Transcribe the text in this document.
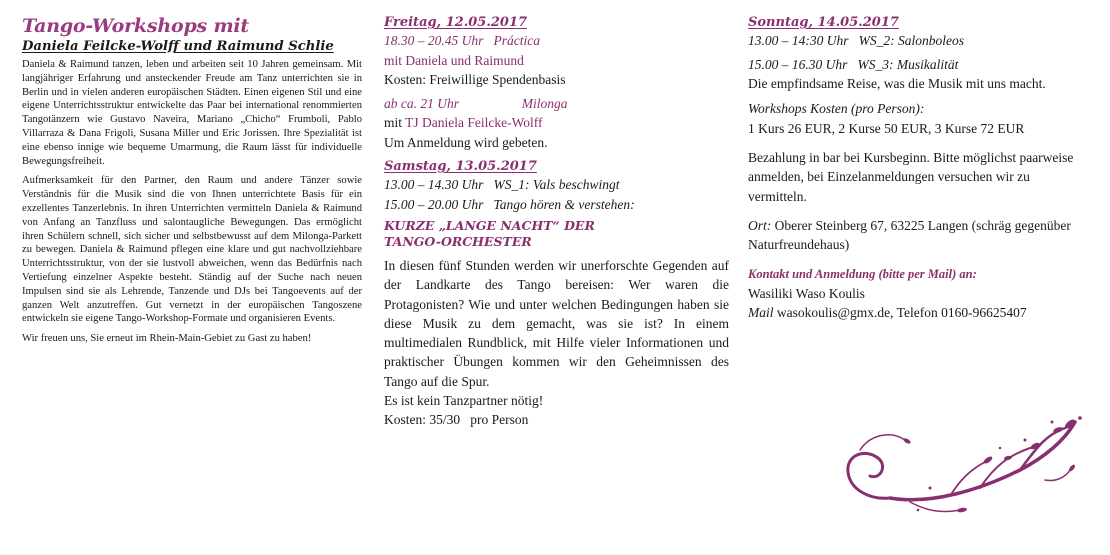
Tango-Workshops mit

Daniela Feilcke-Wolff und Raimund Schlie

Daniela & Raimund tanzen, leben und arbeiten seit 10 Jahren gemeinsam. Mit langjähriger Erfahrung und ansteckender Freude am Tanz unterrichten sie in Berlin und in vielen anderen europäischen Städten. Einen eigenen Stil und eine eigene Unterrichtsstruktur entwickelte das Paar bei international renommierten Tangotänzern wie Gustavo Naveira, Mariano „Chicho“ Frumboli, Pablo Villarraza & Dana Frigoli, Susana Miller und Eric Jorissen. Ihre Spezialität ist eine ebenso innige wie bequeme Umarmung, die Raum lässt für individuelle Bewegungsfreiheit.

Aufmerksamkeit für den Partner, den Raum und andere Tänzer sowie Verständnis für die Musik sind die von Ihnen unterrichtete Basis für ein exzellentes Tanzerlebnis. In ihren Unterrichten vermitteln Daniela & Raimund von Anfang an Tanzfluss und salontaugliche Bewegungen. Das ermöglicht ihren Schülern schnell, sich sicher und selbstbewusst auf dem Milonga-Parkett zu bewegen. Daniela & Raimund pflegen eine klare und gut nachvollziehbare Unterrichtsstruktur, von der sie lustvoll abweichen, wenn das Bedürfnis nach Vertiefung einzelner Aspekte besteht. Ständig auf der Suche nach neuen Impulsen sind sie als Lehrende, Tanzende und DJs bei Tangoevents auf der ganzen Welt anzutreffen. Gut vernetzt in der europäischen Tangoszene entwickeln sie eigene Tango-Workshop-Formate und organisieren Events.

Wir freuen uns, Sie erneut im Rhein-Main-Gebiet zu Gast zu haben!

Freitag, 12.05.2017

18.30 – 20.45 Uhr Práctica

mit Daniela und Raimund

Kosten: Freiwillige Spendenbasis

ab ca. 21 Uhr	Milonga

mit TJ Daniela Feilcke-Wolff

Um Anmeldung wird gebeten.

Samstag, 13.05.2017

13.00 – 14.30 Uhr WS_1: Vals beschwingt

15.00 – 20.00 Uhr Tango hören & verstehen:

KURZE „LANGE NACHT“ DER TANGO-ORCHESTER

In diesen fünf Stunden werden wir unerforschte Gegenden auf der Landkarte des Tango bereisen: Wer waren die Protagonisten? Wie und unter welchen Bedingungen haben sie diese Musik zu dem gemacht, was sie ist? In einem multimedialen Rundblick, mit Hilfe vieler Informationen und praktischer Übungen kommen wir den Geheimnissen des Tango auf die Spur.

Es ist kein Tanzpartner nötig!

Kosten: 35/30   pro Person

Sonntag, 14.05.2017

13.00 – 14:30 Uhr WS_2: Salonboleos

15.00 – 16.30 Uhr WS_3: Musikalität

Die empfindsame Reise, was die Musik mit uns macht.

Workshops Kosten (pro Person):

1 Kurs 26 EUR, 2 Kurse 50 EUR, 3 Kurse 72 EUR

Bezahlung in bar bei Kursbeginn. Bitte möglichst paarweise anmelden, bei Einzelanmeldungen versuchen wir zu vermitteln.

Ort: Oberer Steinberg 67, 63225 Langen (schräg gegenüber Naturfreundehaus)

Kontakt und Anmeldung (bitte per Mail) an:

Wasiliki Waso Koulis

Mail wasokoulis@gmx.de, Telefon 0160-96625407
